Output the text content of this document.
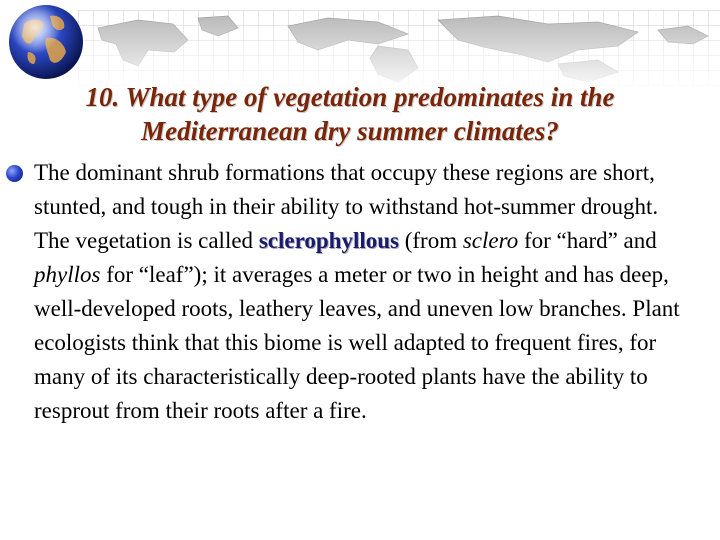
10. What type of vegetation predominates in the
Mediterranean dry summer climates?
The dominant shrub formations that occupy these regions are short, stunted, and tough in their ability to withstand hot-summer drought. The vegetation is called sclerophyllous (from sclero for “hard” and phyllos for “leaf”); it averages a meter or two in height and has deep, well-developed roots, leathery leaves, and uneven low branches. Plant ecologists think that this biome is well adapted to frequent fires, for many of its characteristically deep-rooted plants have the ability to resprout from their roots after a fire.
